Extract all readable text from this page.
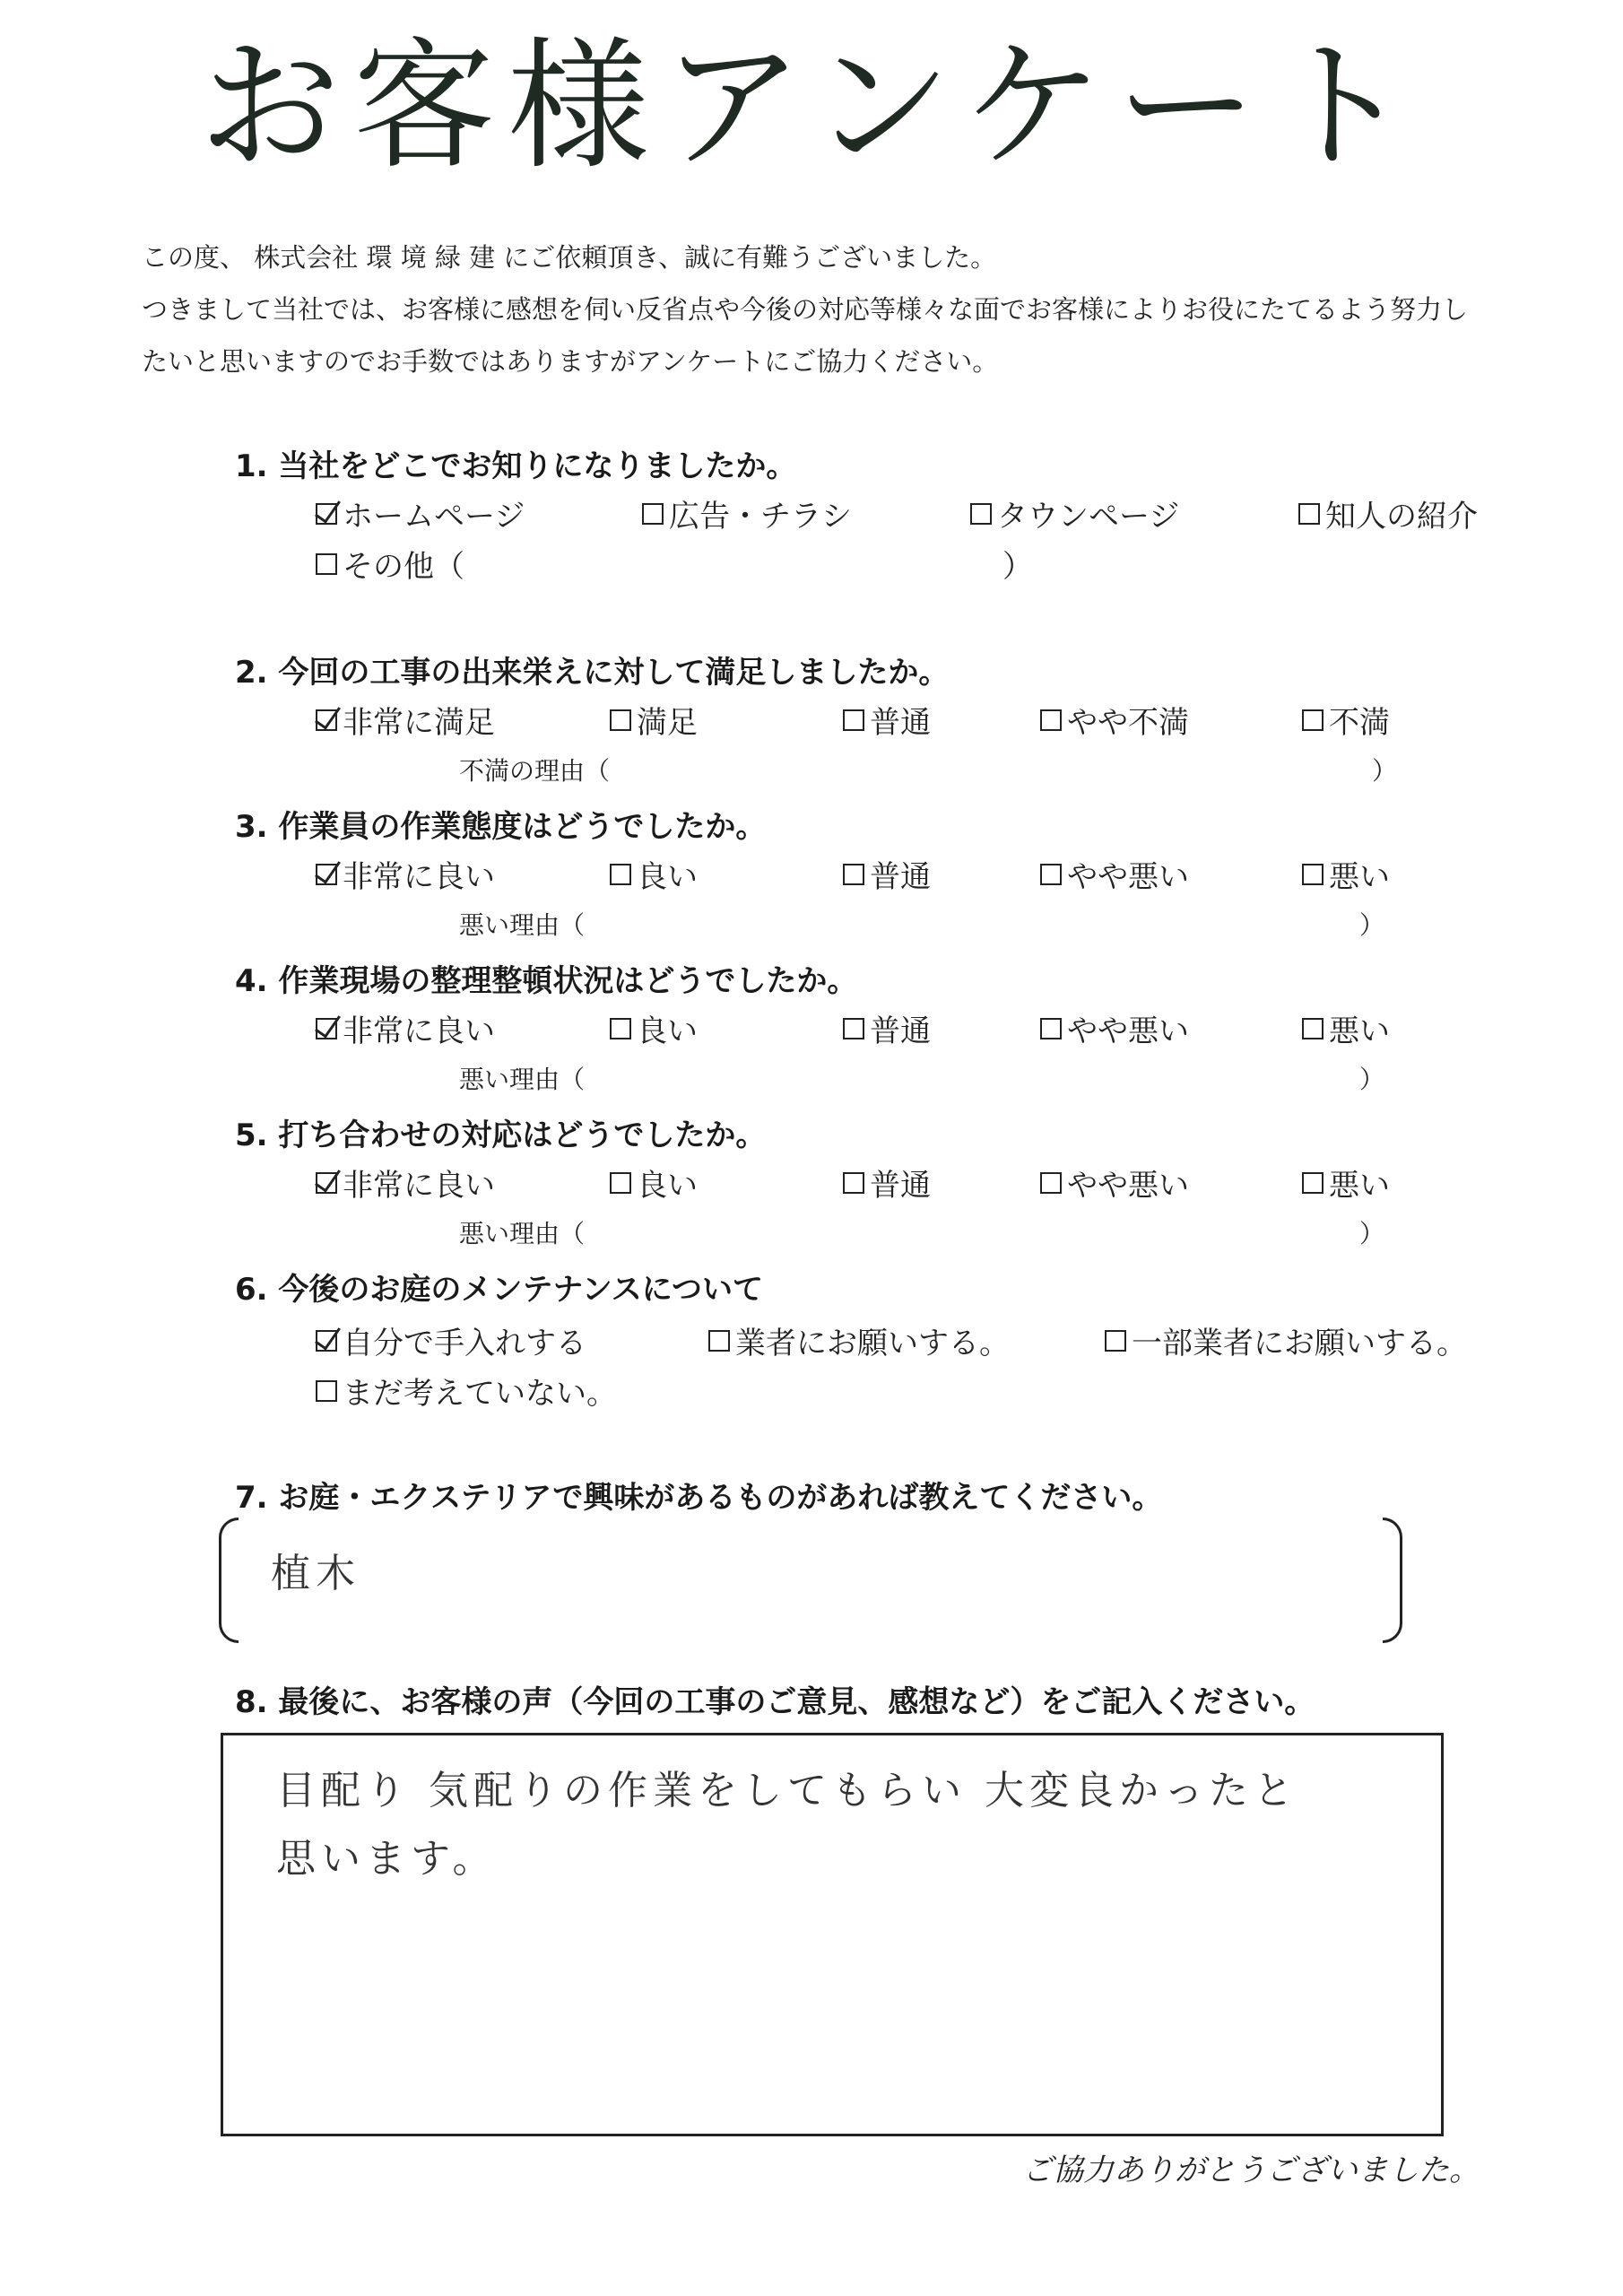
お客様アンケート
この度、 株式会社 環 境 緑 建 にご依頼頂き、誠に有難うございました。
つきまして当社では、お客様に感想を伺い反省点や今後の対応等様々な面でお客様によりお役にたてるよう努力し
たいと思いますのでお手数ではありますがアンケートにご協力ください。
1. 当社をどこでお知りになりましたか。
ホームページ	広告・チラシ	タウンページ	知人の紹介
その他（	）
2. 今回の工事の出来栄えに対して満足しましたか。
非常に満足	満足	普通	やや不満	不満
不満の理由（	）
3. 作業員の作業態度はどうでしたか。
非常に良い	良い	普通	やや悪い	悪い
悪い理由（	）
4. 作業現場の整理整頓状況はどうでしたか。
非常に良い	良い	普通	やや悪い	悪い
悪い理由（	）
5. 打ち合わせの対応はどうでしたか。
非常に良い	良い	普通	やや悪い	悪い
悪い理由（	）
6. 今後のお庭のメンテナンスについて
自分で手入れする	業者にお願いする。	一部業者にお願いする。
まだ考えていない。
7. お庭・エクステリアで興味があるものがあれば教えてください。
植木
8. 最後に、お客様の声（今回の工事のご意見、感想など）をご記入ください。
目配り 気配りの作業をしてもらい 大変良かったと
思います。
ご協力ありがとうございました。
